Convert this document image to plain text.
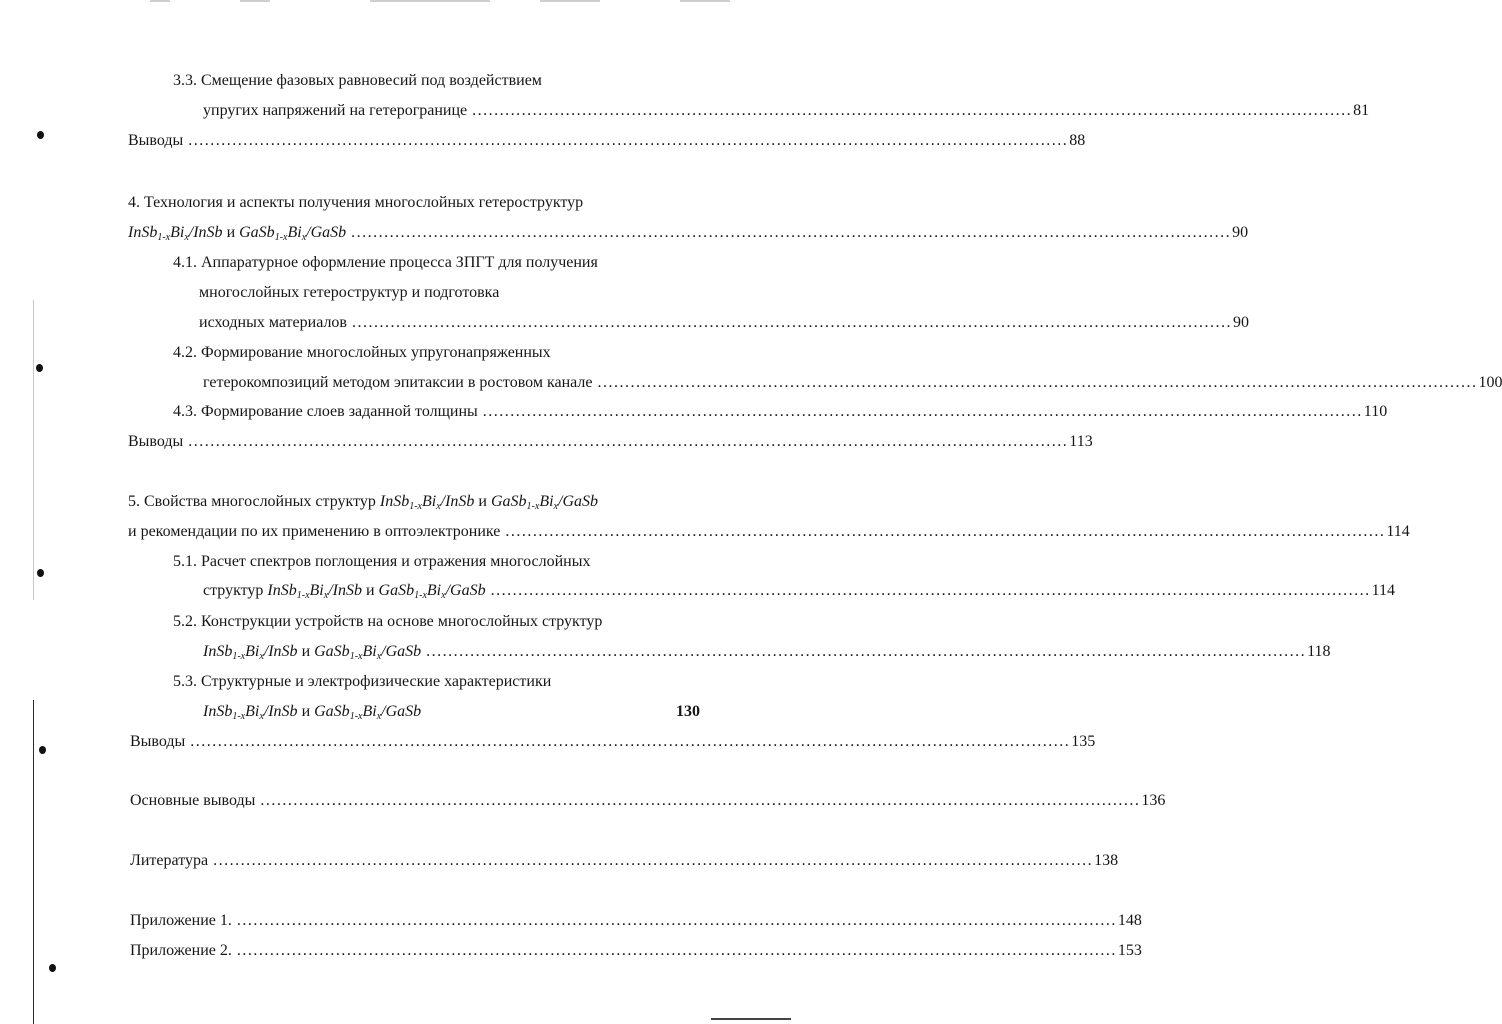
3.3. Смещение фазовых равновесий под воздействием
упругих напряжений на гетерогранице ................................................................................................................................................................ 81
Выводы ................................................................................................................................................................ 88
4. Технология и аспекты получения многослойных гетероструктур
$InSb_{1-x}Bi_x$/InSb и $GaSb_{1-x}Bi_x$/GaSb ................................................................................................................................................................ 90
4.1. Аппаратурное оформление процесса ЗПГТ для получения
многослойных гетероструктур и подготовка
исходных материалов ................................................................................................................................................................ 90
4.2. Формирование многослойных упругонапряженных
гетерокомпозиций методом эпитаксии в ростовом канале ................................................................................................................................................................ 100
4.3. Формирование слоев заданной толщины ................................................................................................................................................................ 110
Выводы ................................................................................................................................................................ 113
5. Свойства многослойных структур $InSb_{1-x}Bi_x$/InSb и $GaSb_{1-x}Bi_x$/GaSb
и рекомендации по их применению в оптоэлектронике ................................................................................................................................................................ 114
5.1. Расчет спектров поглощения и отражения многослойных
структур $InSb_{1-x}Bi_x$/InSb и $GaSb_{1-x}Bi_x$/GaSb ................................................................................................................................................................ 114
5.2. Конструкции устройств на основе многослойных структур
$InSb_{1-x}Bi_x$/InSb и $GaSb_{1-x}Bi_x$/GaSb ................................................................................................................................................................ 118
5.3. Структурные и электрофизические характеристики
$InSb_{1-x}Bi_x$/InSb и $GaSb_{1-x}Bi_x$/GaSb	130
Выводы ................................................................................................................................................................ 135
Основные выводы ................................................................................................................................................................ 136
Литература ................................................................................................................................................................ 138
Приложение 1. ................................................................................................................................................................ 148
Приложение 2. ................................................................................................................................................................ 153
